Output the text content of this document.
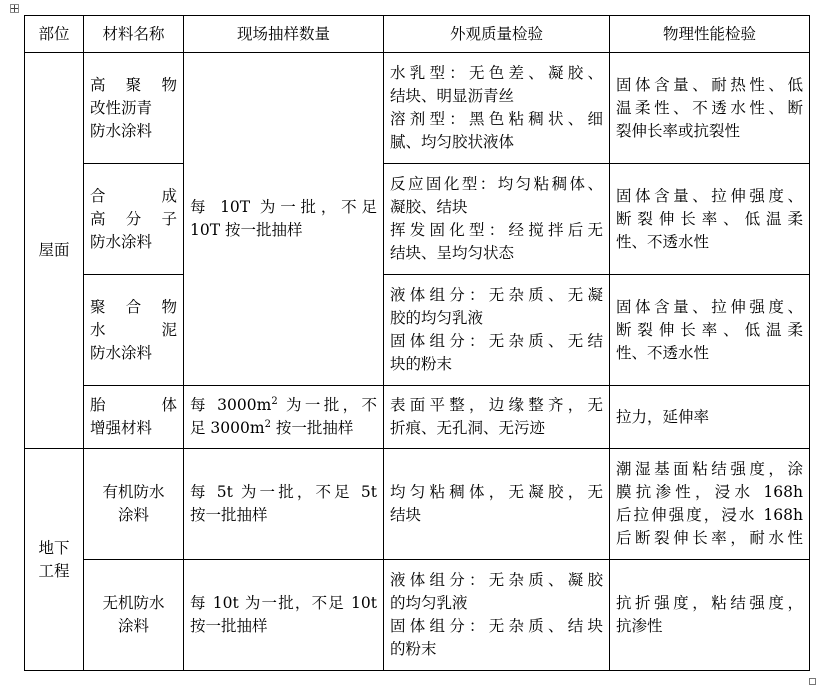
部位	材料名称	现场抽样数量	外观质量检验	物理性能检验
屋面	高聚物
改性沥青
防水涂料	每 10T 为一批，不足
10T 按一批抽样	水乳型：无色差、凝胶、
结块、明显沥青丝
溶剂型：黑色粘稠状、细
腻、均匀胶状液体	固体含量、耐热性、低
温柔性、不透水性、断
裂伸长率或抗裂性

	合成
高分子
防水涂料		反应固化型：均匀粘稠体、
凝胶、结块
挥发固化型：经搅拌后无
结块、呈均匀状态	固体含量、拉伸强度、
断裂伸长率、低温柔
性、不透水性

	聚合物
水泥
防水涂料		液体组分：无杂质、无凝
胶的均匀乳液
固体组分：无杂质、无结
块的粉末	固体含量、拉伸强度、
断裂伸长率、低温柔
性、不透水性

	胎体
增强材料	每 $3000m^2$ 为一批，不
足 $3000m^2$ 按一批抽样	表面平整，边缘整齐，无
折痕、无孔洞、无污迹	拉力，延伸率

地下
工程	有机防水
涂料	每 5t 为一批，不足 5t
按一批抽样	均匀粘稠体，无凝胶，无
结块	潮湿基面粘结强度，涂
膜抗渗性，浸水 168h
后拉伸强度，浸水 168h
后断裂伸长率，耐水性

	无机防水
涂料	每 10t 为一批，不足 10t
按一批抽样	液体组分：无杂质、凝胶
的均匀乳液
固体组分：无杂质、结块
的粉末	抗折强度，粘结强度，
抗渗性
